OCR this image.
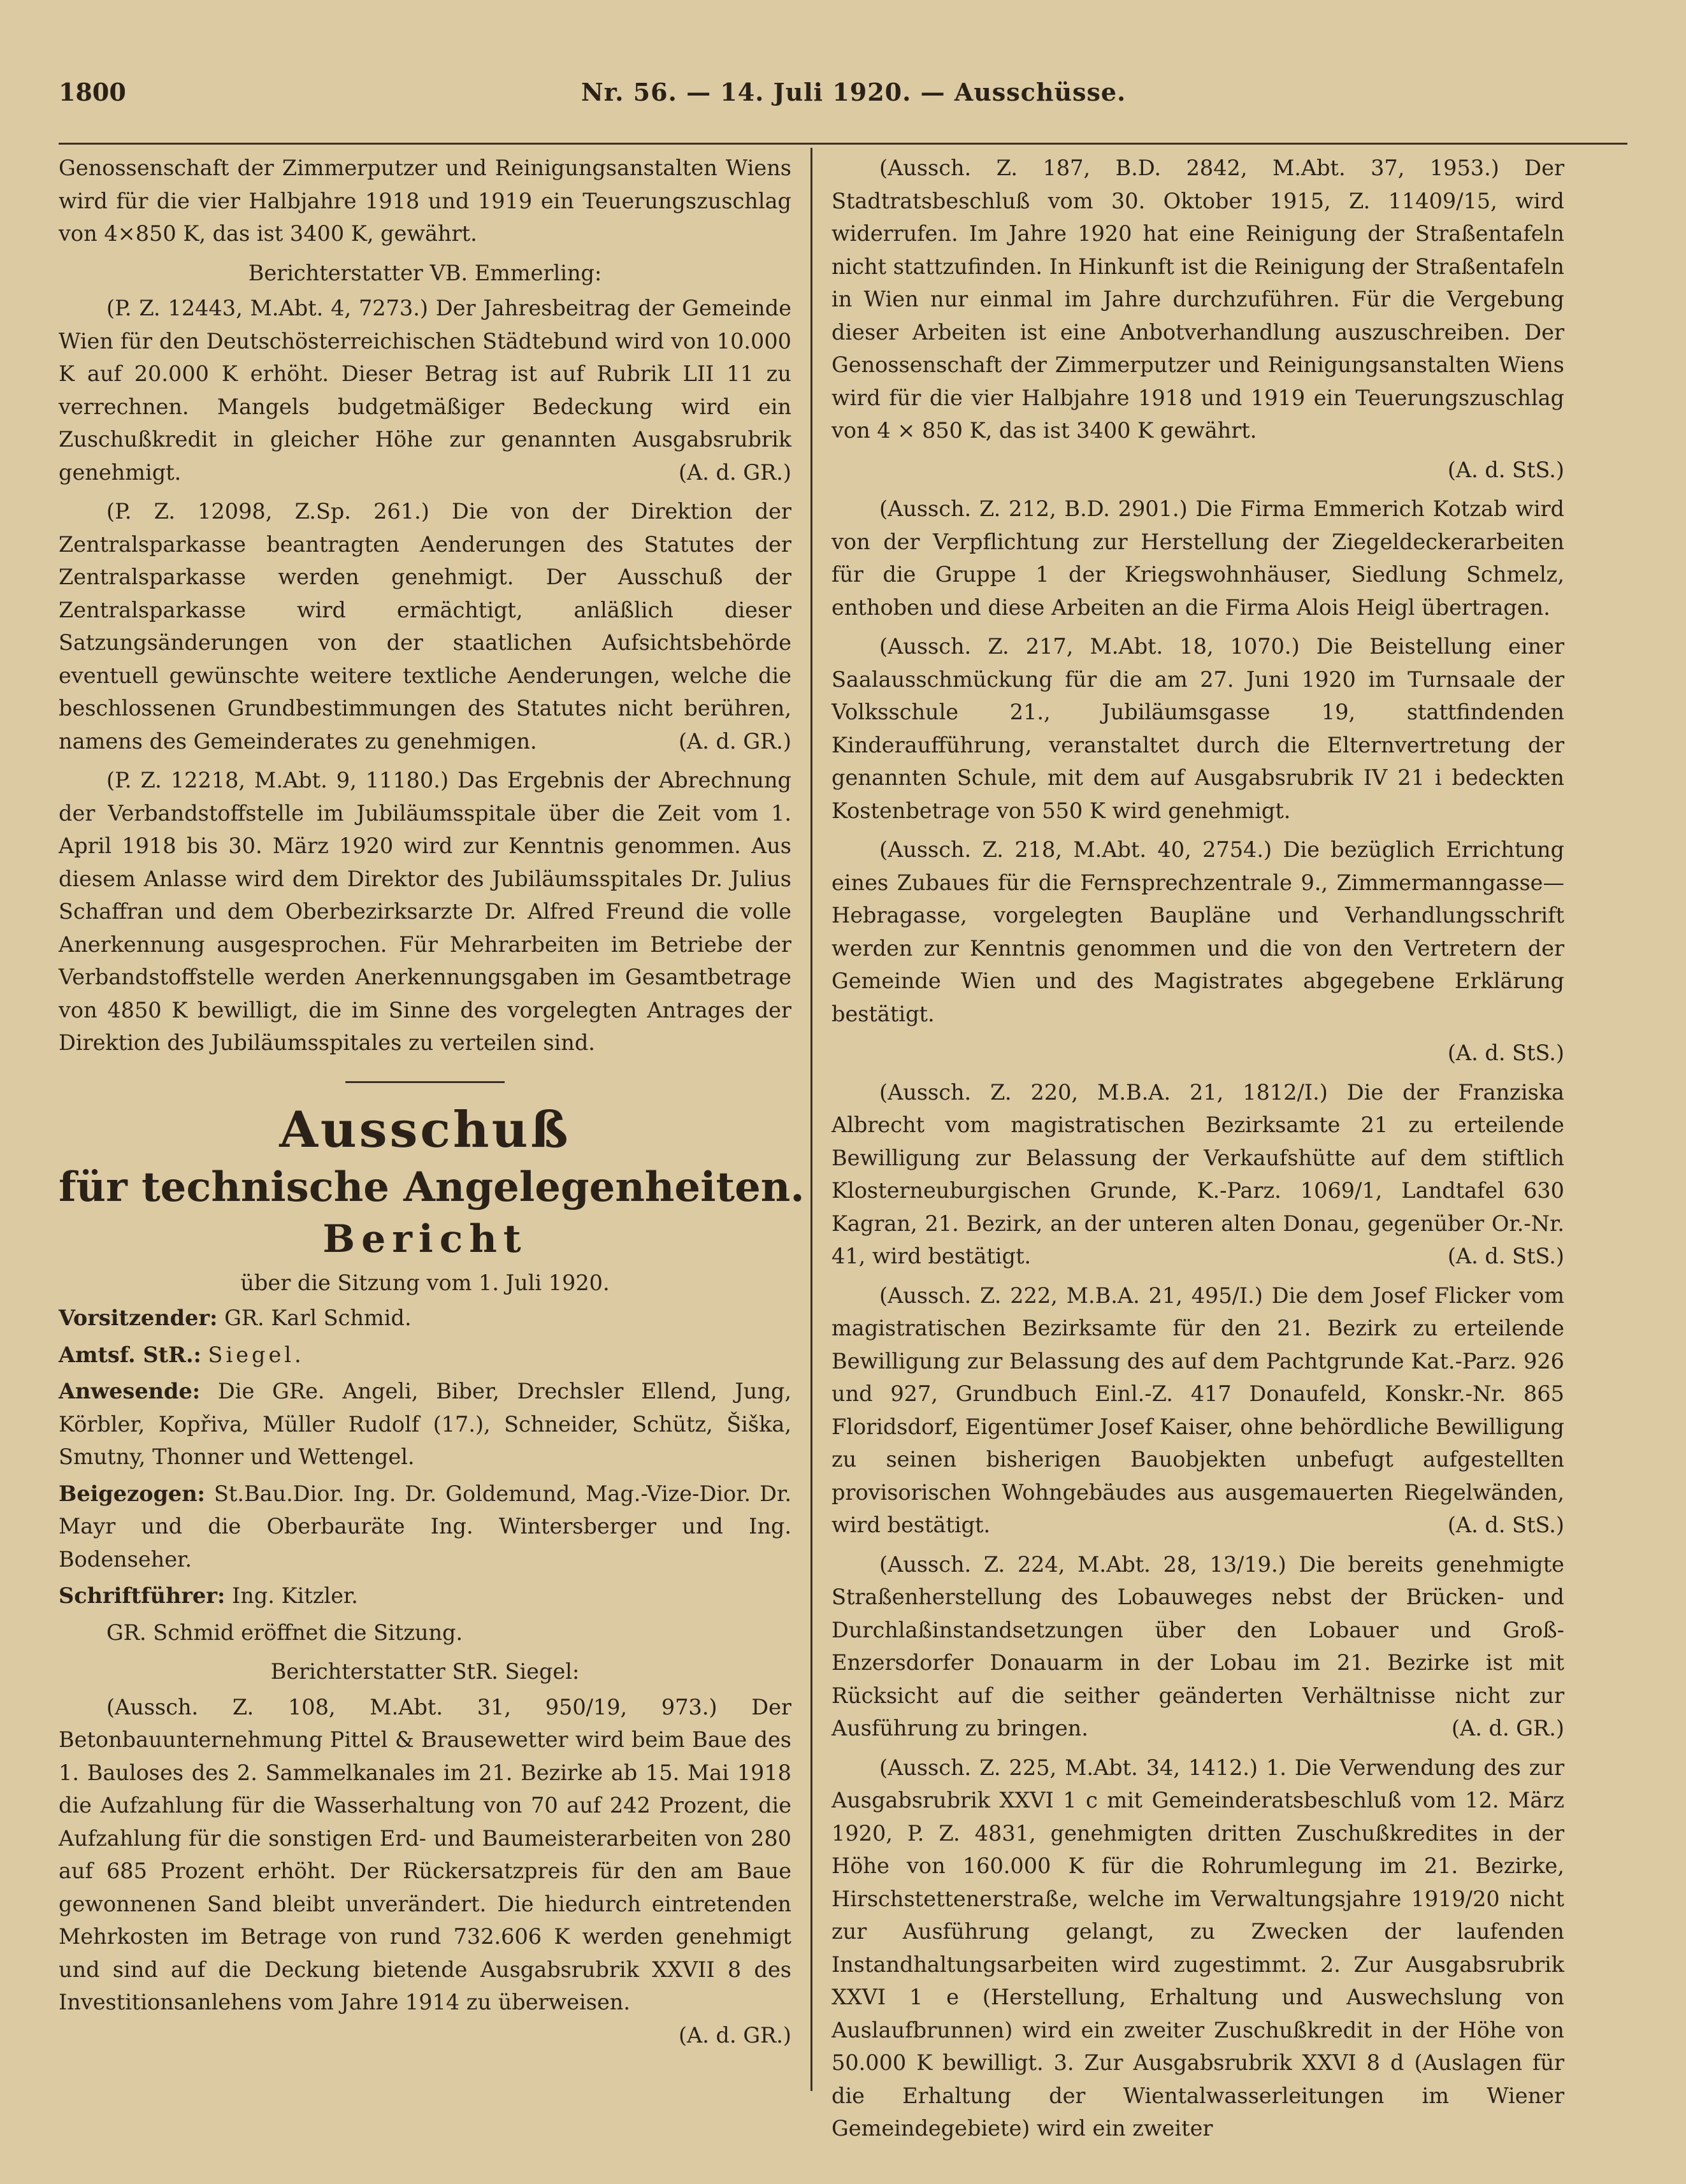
1800	Nr. 56. — 14. Juli 1920. — Ausschüsse.

Genossenschaft der Zimmerputzer und Reinigungsanstalten Wiens wird für die vier Halbjahre 1918 und 1919 ein Teuerungszuschlag von 4×850 K, das ist 3400 K, gewährt.

Berichterstatter VB. Emmerling:

(P. Z. 12443, M.Abt. 4, 7273.) Der Jahresbeitrag der Gemeinde Wien für den Deutschösterreichischen Städtebund wird von 10.000 K auf 20.000 K erhöht. Dieser Betrag ist auf Rubrik LII 11 zu verrechnen. Mangels budgetmäßiger Bedeckung wird ein Zuschußkredit in gleicher Höhe zur genannten Ausgabsrubrik genehmigt.	(A. d. GR.)

(P. Z. 12098, Z.Sp. 261.) Die von der Direktion der Zentralsparkasse beantragten Aenderungen des Statutes der Zentralsparkasse werden genehmigt. Der Ausschuß der Zentralsparkasse wird ermächtigt, anläßlich dieser Satzungsänderungen von der staatlichen Aufsichtsbehörde eventuell gewünschte weitere textliche Aenderungen, welche die beschlossenen Grundbestimmungen des Statutes nicht berühren, namens des Gemeinderates zu genehmigen.	(A. d. GR.)

(P. Z. 12218, M.Abt. 9, 11180.) Das Ergebnis der Abrechnung der Verbandstoffstelle im Jubiläumsspitale über die Zeit vom 1. April 1918 bis 30. März 1920 wird zur Kenntnis genommen. Aus diesem Anlasse wird dem Direktor des Jubiläumsspitales Dr. Julius Schaffran und dem Oberbezirksarzte Dr. Alfred Freund die volle Anerkennung ausgesprochen. Für Mehrarbeiten im Betriebe der Verbandstoffstelle werden Anerkennungsgaben im Gesamtbetrage von 4850 K bewilligt, die im Sinne des vorgelegten Antrages der Direktion des Jubiläumsspitales zu verteilen sind.

Ausschuß
für technische Angelegenheiten.
Bericht

über die Sitzung vom 1. Juli 1920.

Vorsitzender: GR. Karl Schmid.

Amtsf. StR.: Siegel.

Anwesende: Die GRe. Angeli, Biber, Drechsler Ellend, Jung, Körbler, Kopřiva, Müller Rudolf (17.), Schneider, Schütz, Šiška, Smutny, Thonner und Wettengel.

Beigezogen: St.Bau.Dior. Ing. Dr. Goldemund, Mag.-Vize-Dior. Dr. Mayr und die Oberbauräte Ing. Wintersberger und Ing. Bodenseher.

Schriftführer: Ing. Kitzler.

GR. Schmid eröffnet die Sitzung.

Berichterstatter StR. Siegel:

(Aussch. Z. 108, M.Abt. 31, 950/19, 973.) Der Betonbauunternehmung Pittel & Brausewetter wird beim Baue des 1. Bauloses des 2. Sammelkanales im 21. Bezirke ab 15. Mai 1918 die Aufzahlung für die Wasserhaltung von 70 auf 242 Prozent, die Aufzahlung für die sonstigen Erd- und Baumeisterarbeiten von 280 auf 685 Prozent erhöht. Der Rückersatzpreis für den am Baue gewonnenen Sand bleibt unverändert. Die hiedurch eintretenden Mehrkosten im Betrage von rund 732.606 K werden genehmigt und sind auf die Deckung bietende Ausgabsrubrik XXVII 8 des Investitionsanlehens vom Jahre 1914 zu überweisen.
(A. d. GR.)

(Aussch. Z. 187, B.D. 2842, M.Abt. 37, 1953.) Der Stadtratsbeschluß vom 30. Oktober 1915, Z. 11409/15, wird widerrufen. Im Jahre 1920 hat eine Reinigung der Straßentafeln nicht stattzufinden. In Hinkunft ist die Reinigung der Straßentafeln in Wien nur einmal im Jahre durchzuführen. Für die Vergebung dieser Arbeiten ist eine Anbotverhandlung auszuschreiben. Der Genossenschaft der Zimmerputzer und Reinigungsanstalten Wiens wird für die vier Halbjahre 1918 und 1919 ein Teuerungszuschlag von 4 × 850 K, das ist 3400 K gewährt.

(A. d. StS.)

(Aussch. Z. 212, B.D. 2901.) Die Firma Emmerich Kotzab wird von der Verpflichtung zur Herstellung der Ziegeldeckerarbeiten für die Gruppe 1 der Kriegswohnhäuser, Siedlung Schmelz, enthoben und diese Arbeiten an die Firma Alois Heigl übertragen.

(Aussch. Z. 217, M.Abt. 18, 1070.) Die Beistellung einer Saalausschmückung für die am 27. Juni 1920 im Turnsaale der Volksschule 21., Jubiläumsgasse 19, stattfindenden Kinderaufführung, veranstaltet durch die Elternvertretung der genannten Schule, mit dem auf Ausgabsrubrik IV 21 i bedeckten Kostenbetrage von 550 K wird genehmigt.

(Aussch. Z. 218, M.Abt. 40, 2754.) Die bezüglich Errichtung eines Zubaues für die Fernsprechzentrale 9., Zimmermanngasse—Hebragasse, vorgelegten Baupläne und Verhandlungsschrift werden zur Kenntnis genommen und die von den Vertretern der Gemeinde Wien und des Magistrates abgegebene Erklärung bestätigt.

(A. d. StS.)

(Aussch. Z. 220, M.B.A. 21, 1812/I.) Die der Franziska Albrecht vom magistratischen Bezirksamte 21 zu erteilende Bewilligung zur Belassung der Verkaufshütte auf dem stiftlich Klosterneuburgischen Grunde, K.-Parz. 1069/1, Landtafel 630 Kagran, 21. Bezirk, an der unteren alten Donau, gegenüber Or.-Nr. 41, wird bestätigt.	(A. d. StS.)

(Aussch. Z. 222, M.B.A. 21, 495/I.) Die dem Josef Flicker vom magistratischen Bezirksamte für den 21. Bezirk zu erteilende Bewilligung zur Belassung des auf dem Pachtgrunde Kat.-Parz. 926 und 927, Grundbuch Einl.-Z. 417 Donaufeld, Konskr.-Nr. 865 Floridsdorf, Eigentümer Josef Kaiser, ohne behördliche Bewilligung zu seinen bisherigen Bauobjekten unbefugt aufgestellten provisorischen Wohngebäudes aus ausgemauerten Riegelwänden, wird bestätigt.	(A. d. StS.)

(Aussch. Z. 224, M.Abt. 28, 13/19.) Die bereits genehmigte Straßenherstellung des Lobauweges nebst der Brücken- und Durchlaßinstandsetzungen über den Lobauer und Groß-Enzersdorfer Donauarm in der Lobau im 21. Bezirke ist mit Rücksicht auf die seither geänderten Verhältnisse nicht zur Ausführung zu bringen.	(A. d. GR.)

(Aussch. Z. 225, M.Abt. 34, 1412.) 1. Die Verwendung des zur Ausgabsrubrik XXVI 1 c mit Gemeinderatsbeschluß vom 12. März 1920, P. Z. 4831, genehmigten dritten Zuschußkredites in der Höhe von 160.000 K für die Rohrumlegung im 21. Bezirke, Hirschstettenerstraße, welche im Verwaltungsjahre 1919/20 nicht zur Ausführung gelangt, zu Zwecken der laufenden Instandhaltungsarbeiten wird zugestimmt. 2. Zur Ausgabsrubrik XXVI 1 e (Herstellung, Erhaltung und Auswechslung von Auslaufbrunnen) wird ein zweiter Zuschußkredit in der Höhe von 50.000 K bewilligt. 3. Zur Ausgabsrubrik XXVI 8 d (Auslagen für die Erhaltung der Wientalwasserleitungen im Wiener Gemeindegebiete) wird ein zweiter
